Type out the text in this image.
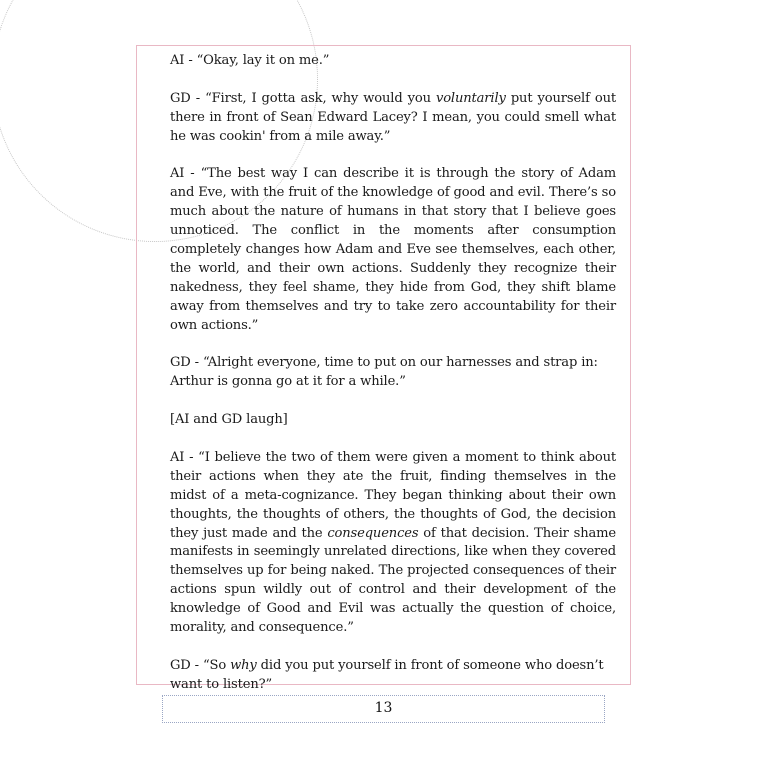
AI - “Okay, lay it on me.”

GD - “First, I gotta ask, why would you voluntarily put yourself out there in front of Sean Edward Lacey? I mean, you could smell what he was cookin' from a mile away.”

AI - “The best way I can describe it is through the story of Adam and Eve, with the fruit of the knowledge of good and evil. There’s so much about the nature of humans in that story that I believe goes unnoticed. The conflict in the moments after consumption completely changes how Adam and Eve see themselves, each other, the world, and their own actions. Suddenly they recognize their nakedness, they feel shame, they hide from God, they shift blame away from themselves and try to take zero accountability for their own actions.”

GD - “Alright everyone, time to put on our harnesses and strap in: Arthur is gonna go at it for a while.”

[AI and GD laugh]

AI - “I believe the two of them were given a moment to think about their actions when they ate the fruit, finding themselves in the midst of a meta-cognizance. They began thinking about their own thoughts, the thoughts of others, the thoughts of God, the decision they just made and the consequences of that decision. Their shame manifests in seemingly unrelated directions, like when they covered themselves up for being naked. The projected consequences of their actions spun wildly out of control and their development of the knowledge of Good and Evil was actually the question of choice, morality, and consequence.”

GD - “So why did you put yourself in front of someone who doesn’t want to listen?”

13
